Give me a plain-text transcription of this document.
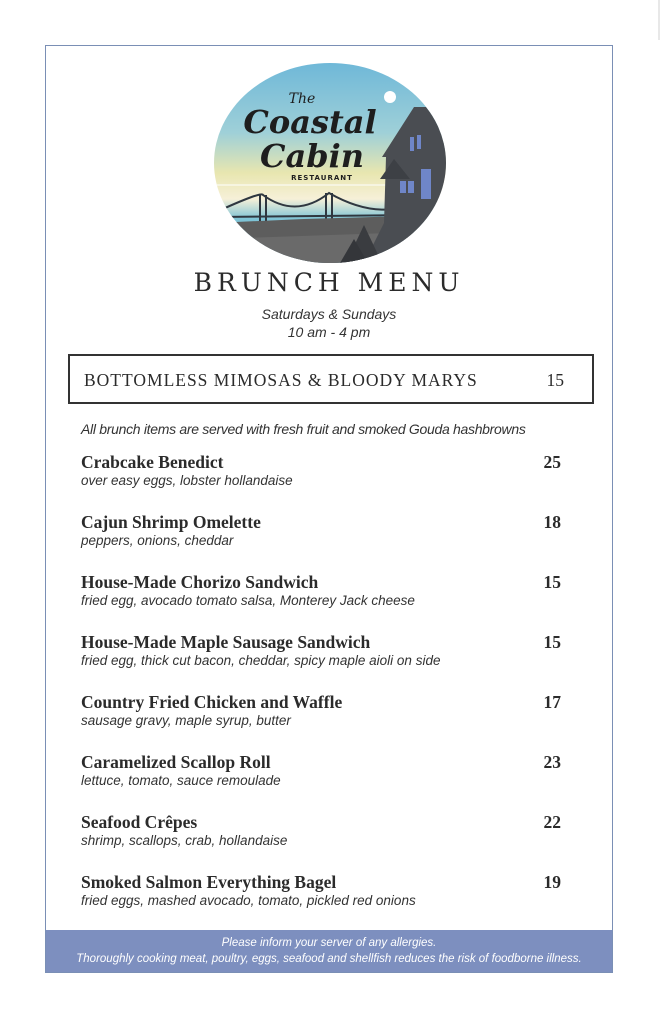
The
Coastal
Cabin
RESTAURANT
BRUNCH MENU
Saturdays & Sundays
10 am - 4 pm
BOTTOMLESS MIMOSAS & BLOODY MARYS	15
All brunch items are served with fresh fruit and smoked Gouda hashbrowns
Crabcake Benedict
over easy eggs, lobster hollandaise
25
Cajun Shrimp Omelette
peppers, onions, cheddar
18
House-Made Chorizo Sandwich
fried egg, avocado tomato salsa, Monterey Jack cheese
15
House-Made Maple Sausage Sandwich
fried egg, thick cut bacon, cheddar, spicy maple aioli on side
15
Country Fried Chicken and Waffle
sausage gravy, maple syrup, butter
17
Caramelized Scallop Roll
lettuce, tomato, sauce remoulade
23
Seafood Crêpes
shrimp, scallops, crab, hollandaise
22
Smoked Salmon Everything Bagel
fried eggs, mashed avocado, tomato, pickled red onions
19
Please inform your server of any allergies.
Thoroughly cooking meat, poultry, eggs, seafood and shellfish reduces the risk of foodborne illness.
